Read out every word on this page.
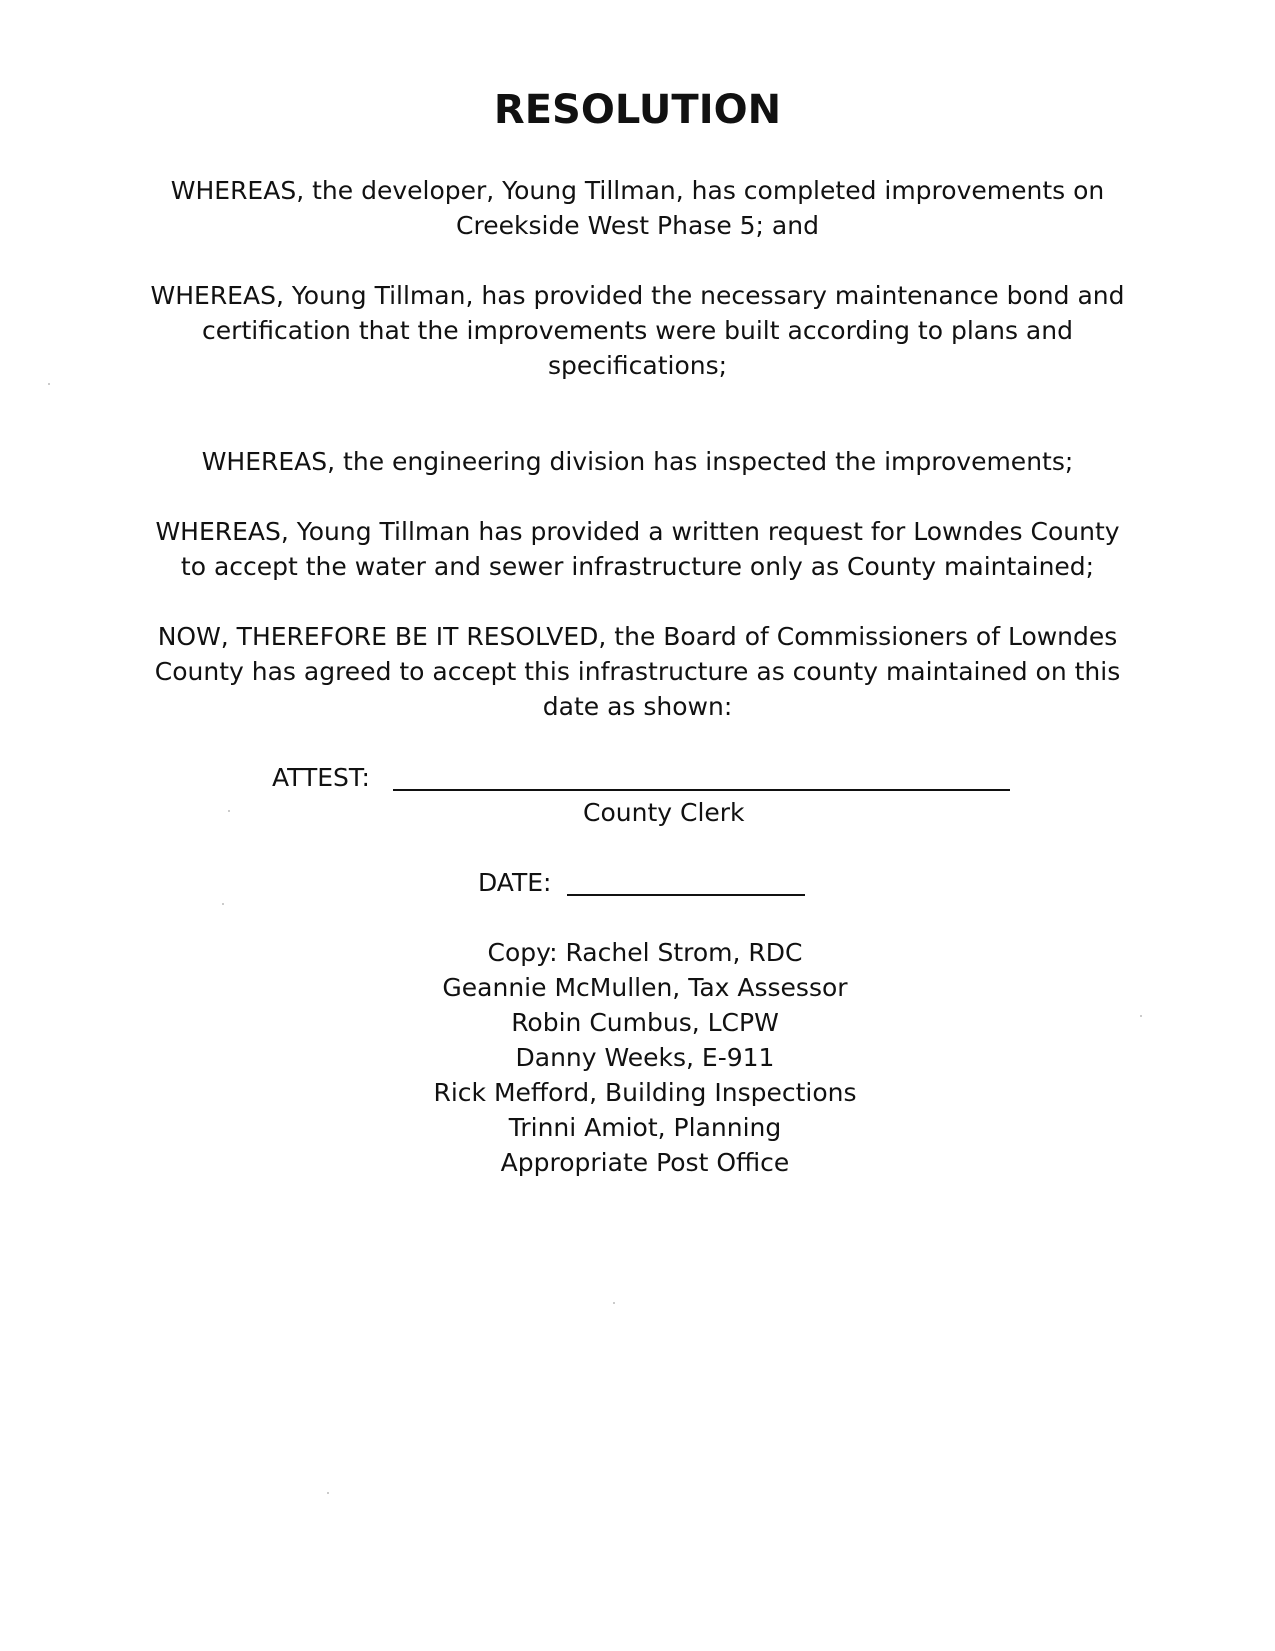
RESOLUTION

WHEREAS, the developer, Young Tillman, has completed improvements on
Creekside West Phase 5; and

WHEREAS, Young Tillman, has provided the necessary maintenance bond and
certification that the improvements were built according to plans and
specifications;

WHEREAS, the engineering division has inspected the improvements;

WHEREAS, Young Tillman has provided a written request for Lowndes County
to accept the water and sewer infrastructure only as County maintained;

NOW, THEREFORE BE IT RESOLVED, the Board of Commissioners of Lowndes
County has agreed to accept this infrastructure as county maintained on this
date as shown:

ATTEST:
County Clerk
DATE:
Copy: Rachel Strom, RDC
Geannie McMullen, Tax Assessor
Robin Cumbus, LCPW
Danny Weeks, E-911
Rick Mefford, Building Inspections
Trinni Amiot, Planning
Appropriate Post Office
